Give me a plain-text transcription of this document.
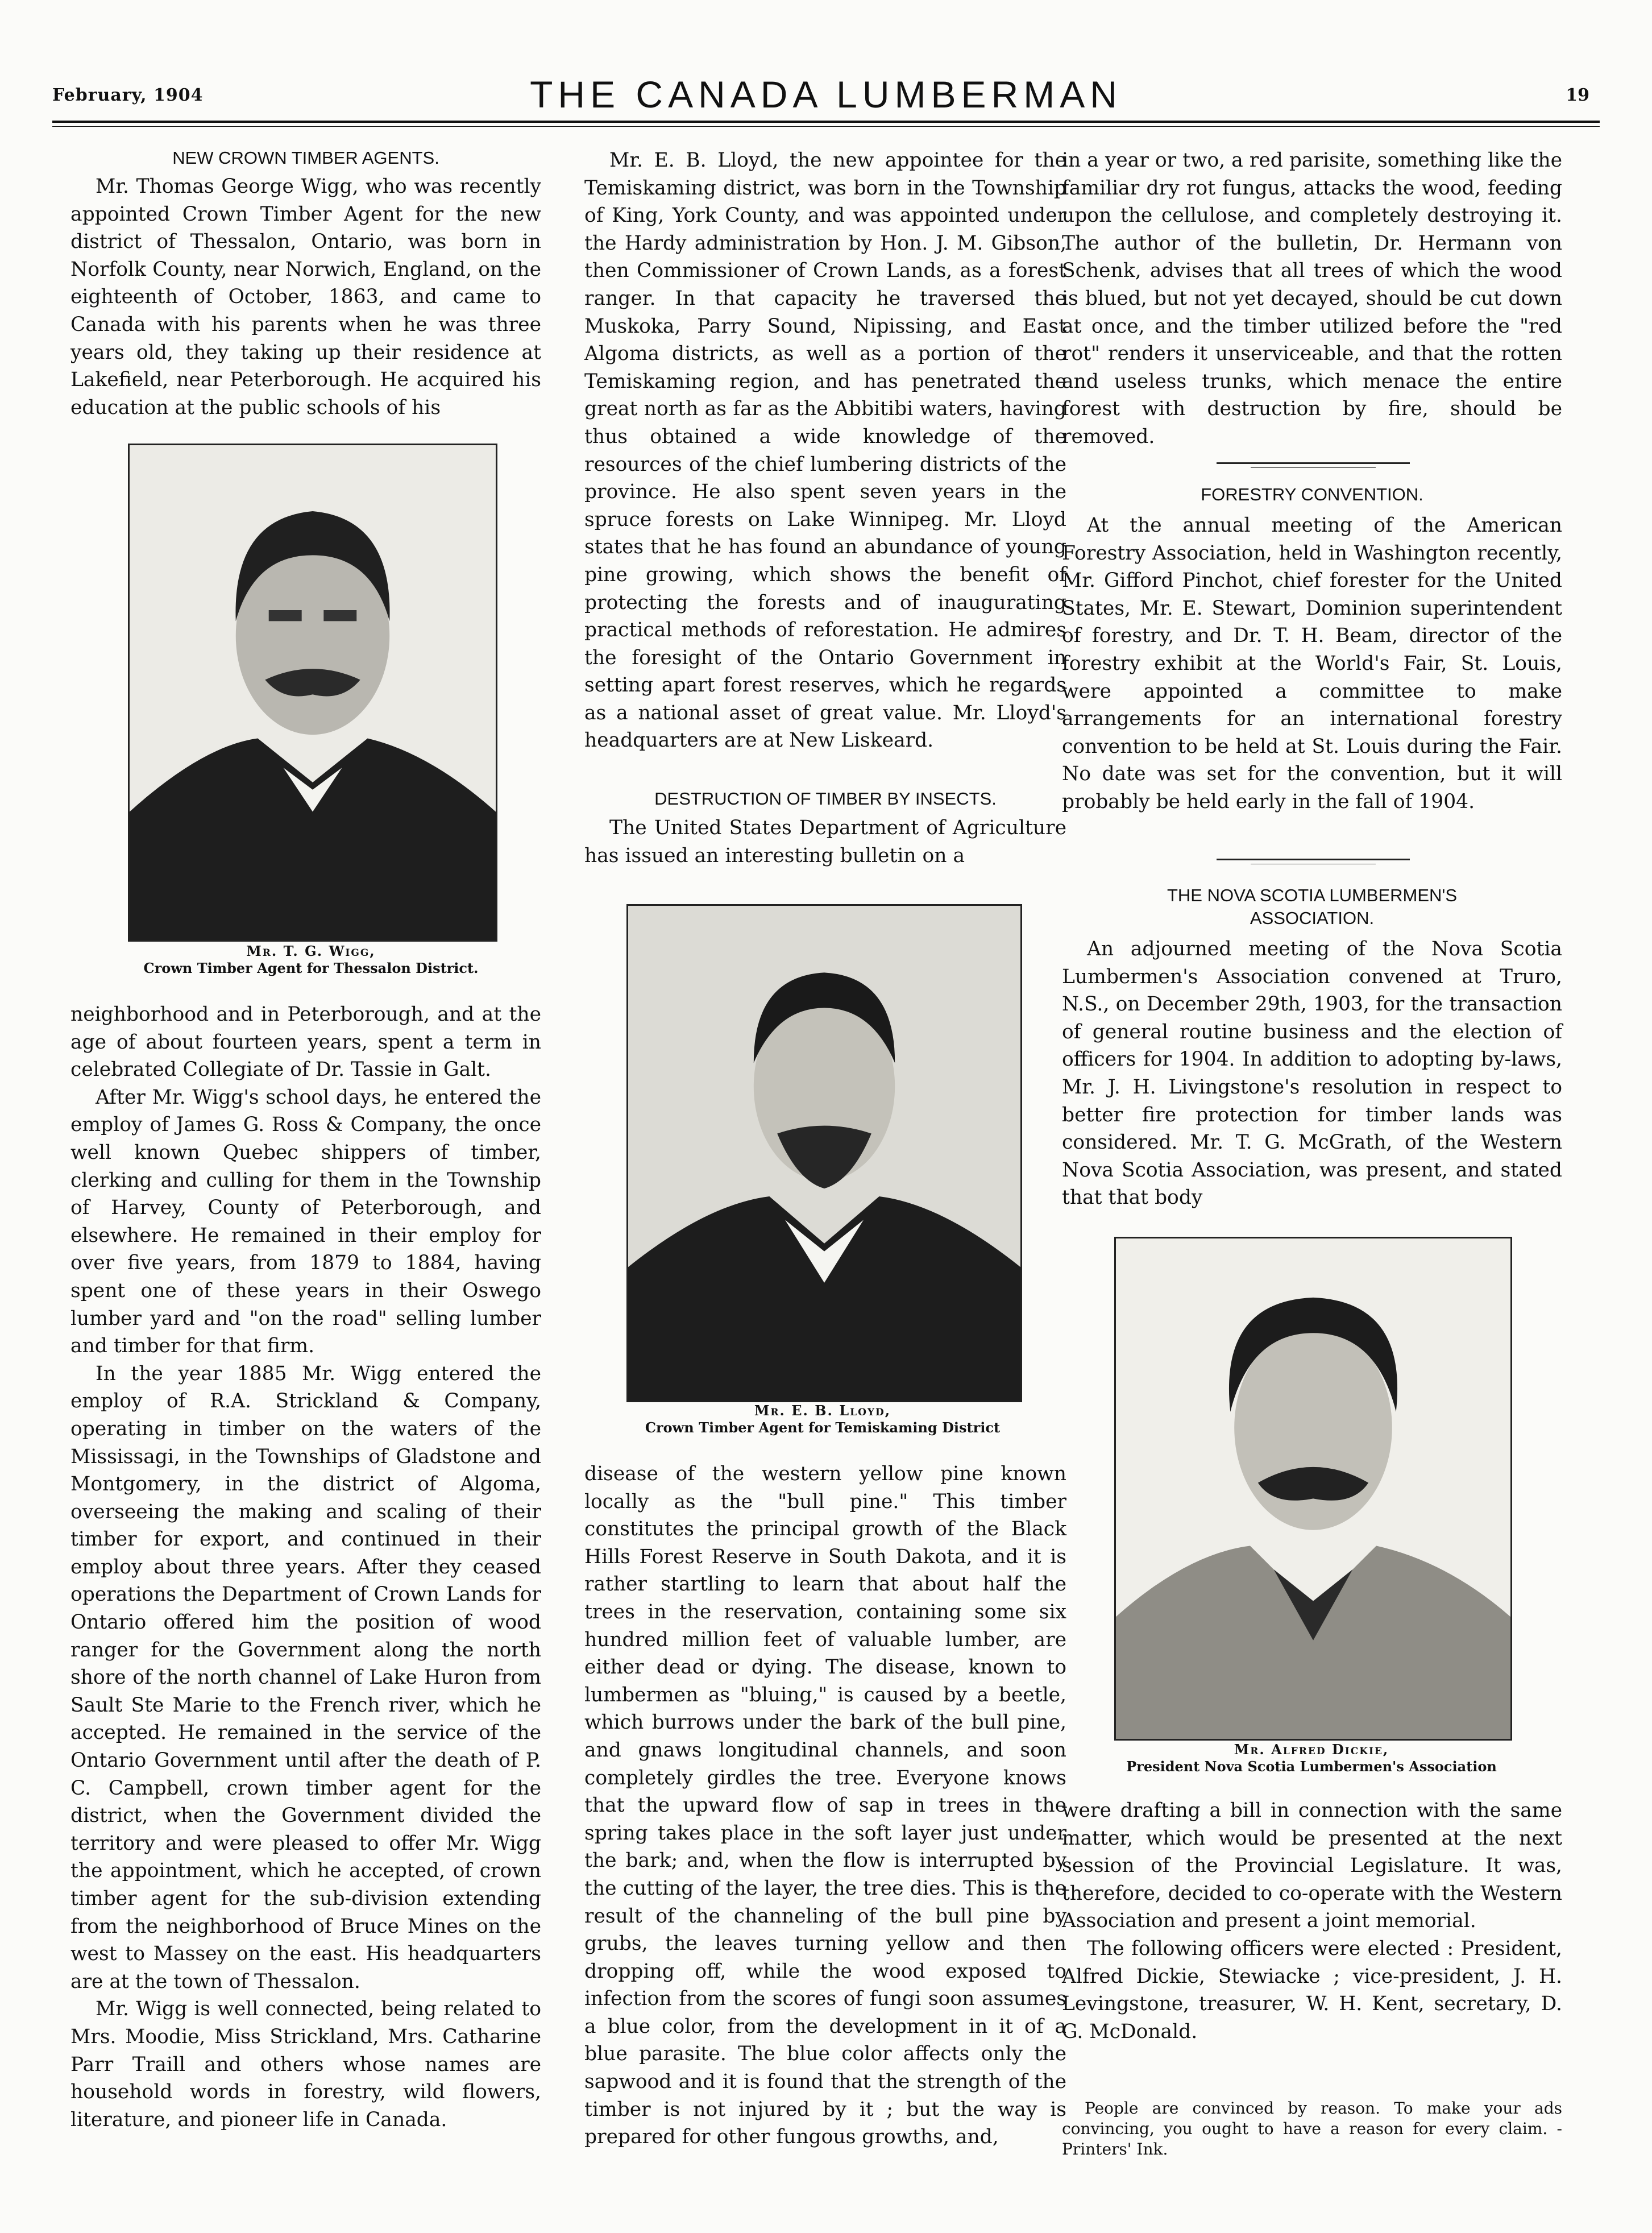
February, 1904	THE CANADA LUMBERMAN	19
NEW CROWN TIMBER AGENTS.

Mr. Thomas George Wigg, who was recently appointed Crown Timber Agent for the new district of Thessalon, Ontario, was born in Norfolk County, near Norwich, England, on the eighteenth of October, 1863, and came to Canada with his parents when he was three years old, they taking up their residence at Lakefield, near Peterborough. He acquired his education at the public schools of his

Mr. T. G. Wigg,
Crown Timber Agent for Thessalon District.

neighborhood and in Peterborough, and at the age of about fourteen years, spent a term in celebrated Collegiate of Dr. Tassie in Galt.

After Mr. Wigg's school days, he entered the employ of James G. Ross & Company, the once well known Quebec shippers of timber, clerking and culling for them in the Township of Harvey, County of Peterborough, and elsewhere. He remained in their employ for over five years, from 1879 to 1884, having spent one of these years in their Oswego lumber yard and "on the road" selling lumber and timber for that firm.

In the year 1885 Mr. Wigg entered the employ of R.A. Strickland & Company, operating in timber on the waters of the Mississagi, in the Townships of Gladstone and Montgomery, in the district of Algoma, overseeing the making and scaling of their timber for export, and continued in their employ about three years. After they ceased operations the Department of Crown Lands for Ontario offered him the position of wood ranger for the Government along the north shore of the north channel of Lake Huron from Sault Ste Marie to the French river, which he accepted. He remained in the service of the Ontario Government until after the death of P. C. Campbell, crown timber agent for the district, when the Government divided the territory and were pleased to offer Mr. Wigg the appointment, which he accepted, of crown timber agent for the sub-division extending from the neighborhood of Bruce Mines on the west to Massey on the east. His headquarters are at the town of Thessalon.

Mr. Wigg is well connected, being related to Mrs. Moodie, Miss Strickland, Mrs. Catharine Parr Traill and others whose names are household words in forestry, wild flowers, literature, and pioneer life in Canada.

Mr. E. B. Lloyd, the new appointee for the Temiskaming district, was born in the Township of King, York County, and was appointed under the Hardy administration by Hon. J. M. Gibson, then Commissioner of Crown Lands, as a forest ranger. In that capacity he traversed the Muskoka, Parry Sound, Nipissing, and East Algoma districts, as well as a portion of the Temiskaming region, and has penetrated the great north as far as the Abbitibi waters, having thus obtained a wide knowledge of the resources of the chief lumbering districts of the province. He also spent seven years in the spruce forests on Lake Winnipeg. Mr. Lloyd states that he has found an abundance of young pine growing, which shows the benefit of protecting the forests and of inaugurating practical methods of reforestation. He admires the foresight of the Ontario Government in setting apart forest reserves, which he regards as a national asset of great value. Mr. Lloyd's headquarters are at New Liskeard.

DESTRUCTION OF TIMBER BY INSECTS.

The United States Department of Agriculture has issued an interesting bulletin on a

Mr. E. B. Lloyd,
Crown Timber Agent for Temiskaming District

disease of the western yellow pine known locally as the "bull pine." This timber constitutes the principal growth of the Black Hills Forest Reserve in South Dakota, and it is rather startling to learn that about half the trees in the reservation, containing some six hundred million feet of valuable lumber, are either dead or dying. The disease, known to lumbermen as "bluing," is caused by a beetle, which burrows under the bark of the bull pine, and gnaws longitudinal channels, and soon completely girdles the tree. Everyone knows that the upward flow of sap in trees in the spring takes place in the soft layer just under the bark; and, when the flow is interrupted by the cutting of the layer, the tree dies. This is the result of the channeling of the bull pine by grubs, the leaves turning yellow and then dropping off, while the wood exposed to infection from the scores of fungi soon assumes a blue color, from the development in it of a blue parasite. The blue color affects only the sapwood and it is found that the strength of the timber is not injured by it ; but the way is prepared for other fungous growths, and,

in a year or two, a red parisite, something like the familiar dry rot fungus, attacks the wood, feeding upon the cellulose, and completely destroying it. The author of the bulletin, Dr. Hermann von Schenk, advises that all trees of which the wood is blued, but not yet decayed, should be cut down at once, and the timber utilized before the "red rot" renders it unserviceable, and that the rotten and useless trunks, which menace the entire forest with destruction by fire, should be removed.

FORESTRY CONVENTION.

At the annual meeting of the American Forestry Association, held in Washington recently, Mr. Gifford Pinchot, chief forester for the United States, Mr. E. Stewart, Dominion superintendent of forestry, and Dr. T. H. Beam, director of the forestry exhibit at the World's Fair, St. Louis, were appointed a committee to make arrangements for an international forestry convention to be held at St. Louis during the Fair. No date was set for the convention, but it will probably be held early in the fall of 1904.

THE NOVA SCOTIA LUMBERMEN'S
ASSOCIATION.

An adjourned meeting of the Nova Scotia Lumbermen's Association convened at Truro, N.S., on December 29th, 1903, for the transaction of general routine business and the election of officers for 1904. In addition to adopting by-laws, Mr. J. H. Livingstone's resolution in respect to better fire protection for timber lands was considered. Mr. T. G. McGrath, of the Western Nova Scotia Association, was present, and stated that that body

Mr. Alfred Dickie,
President Nova Scotia Lumbermen's Association

were drafting a bill in connection with the same matter, which would be presented at the next session of the Provincial Legislature. It was, therefore, decided to co-operate with the Western Association and present a joint memorial.

The following officers were elected : President, Alfred Dickie, Stewiacke ; vice-president, J. H. Levingstone, treasurer, W. H. Kent, secretary, D. G. McDonald.

People are convinced by reason. To make your ads convincing, you ought to have a reason for every claim. -Printers' Ink.
